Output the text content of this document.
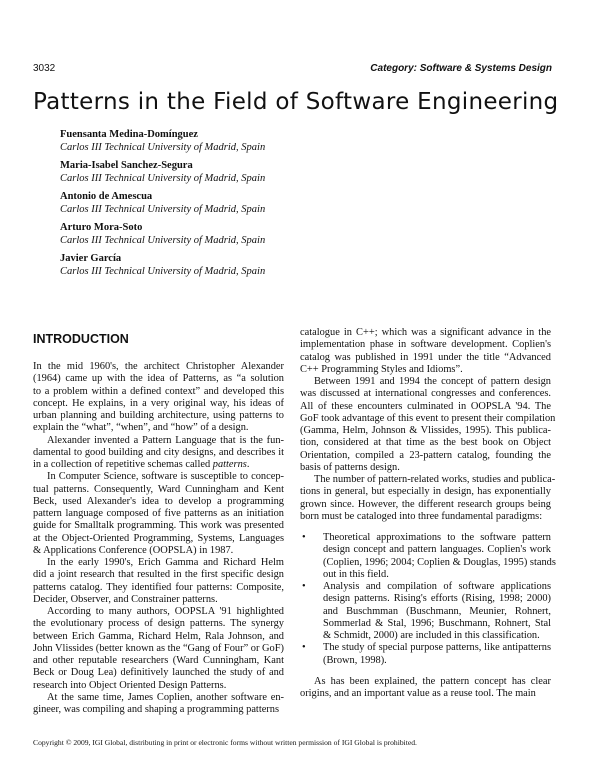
3032	Category: Software & Systems Design
Patterns in the Field of Software Engineering
Fuensanta Medina-Domínguez
Carlos III Technical University of Madrid, Spain
Maria-Isabel Sanchez-Segura
Carlos III Technical University of Madrid, Spain
Antonio de Amescua
Carlos III Technical University of Madrid, Spain
Arturo Mora-Soto
Carlos III Technical University of Madrid, Spain
Javier García
Carlos III Technical University of Madrid, Spain
INTRODUCTION
In the mid 1960's, the architect Christopher Alexander
(1964) came up with the idea of Patterns, as “a solution
to a problem within a defined context” and developed this
concept. He explains, in a very original way, his ideas of
urban planning and building architecture, using patterns to
explain the “what”, “when”, and “how” of a design.
Alexander invented a Pattern Language that is the fun-
damental to good building and city designs, and describes it
in a collection of repetitive schemas called patterns.
In Computer Science, software is susceptible to concep-
tual patterns. Consequently, Ward Cunningham and Kent
Beck, used Alexander's idea to develop a programming
pattern language composed of five patterns as an initiation
guide for Smalltalk programming. This work was presented
at the Object-Oriented Programming, Systems, Languages
& Applications Conference (OOPSLA) in 1987.
In the early 1990's, Erich Gamma and Richard Helm
did a joint research that resulted in the first specific design
patterns catalog. They identified four patterns: Composite,
Decider, Observer, and Constrainer patterns.
According to many authors, OOPSLA '91 highlighted
the evolutionary process of design patterns. The synergy
between Erich Gamma, Richard Helm, Rala Johnson, and
John Vlissides (better known as the “Gang of Four” or GoF)
and other reputable researchers (Ward Cunningham, Kant
Beck or Doug Lea) definitively launched the study of and
research into Object Oriented Design Patterns.
At the same time, James Coplien, another software en-
gineer, was compiling and shaping a programming patterns
catalogue in C++; which was a significant advance in the
implementation phase in software development. Coplien's
catalog was published in 1991 under the title “Advanced
C++ Programming Styles and Idioms”.
Between 1991 and 1994 the concept of pattern design
was discussed at international congresses and conferences.
All of these encounters culminated in OOPSLA '94. The
GoF took advantage of this event to present their compilation
(Gamma, Helm, Johnson & Vlissides, 1995). This publica-
tion, considered at that time as the best book on Object
Orientation, compiled a 23-pattern catalog, founding the
basis of patterns design.
The number of pattern-related works, studies and publica-
tions in general, but especially in design, has exponentially
grown since. However, the different research groups being
born must be cataloged into three fundamental paradigms:
• Theoretical approximations to the software pattern
design concept and pattern languages. Coplien's work
(Coplien, 1996; 2004; Coplien & Douglas, 1995) stands
out in this field.
• Analysis and compilation of software applications
design patterns. Rising's efforts (Rising, 1998; 2000)
and Buschmman (Buschmann, Meunier, Rohnert,
Sommerlad & Stal, 1996; Buschmann, Rohnert, Stal
& Schmidt, 2000) are included in this classification.
• The study of special purpose patterns, like antipatterns
(Brown, 1998).
As has been explained, the pattern concept has clear
origins, and an important value as a reuse tool. The main
Copyright © 2009, IGI Global, distributing in print or electronic forms without written permission of IGI Global is prohibited.
